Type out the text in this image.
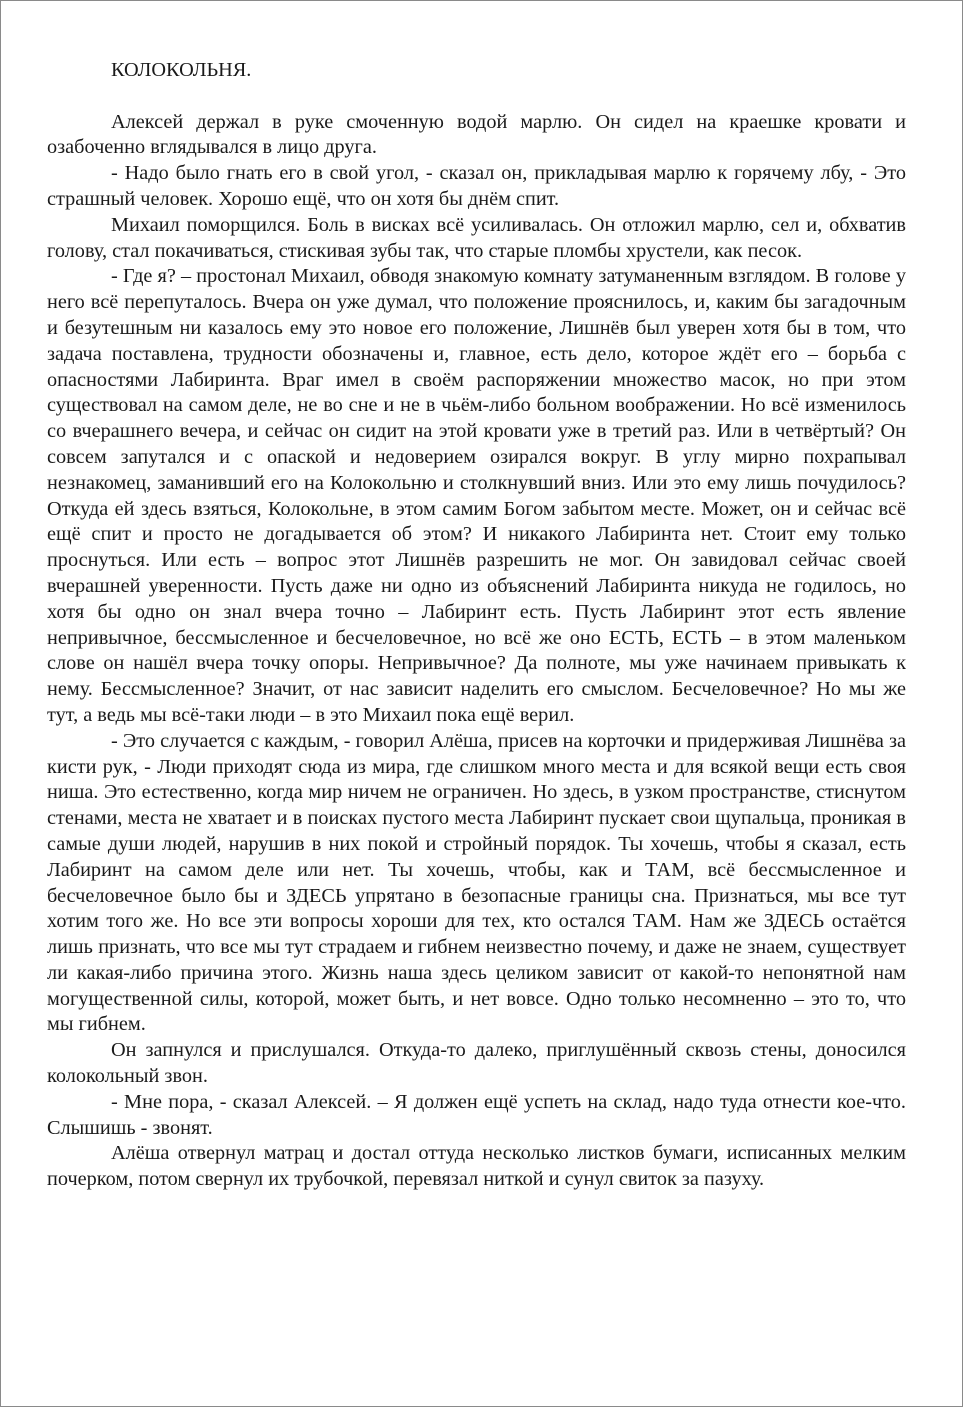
КОЛОКОЛЬНЯ.

Алексей держал в руке смоченную водой марлю. Он сидел на краешке кровати и озабоченно вглядывался в лицо друга.

- Надо было гнать его в свой угол, - сказал он, прикладывая марлю к горячему лбу, - Это страшный человек. Хорошо ещё, что он хотя бы днём спит.

Михаил поморщился. Боль в висках всё усиливалась. Он отложил марлю, сел и, обхватив голову, стал покачиваться, стискивая зубы так, что старые пломбы хрустели, как песок.

- Где я? – простонал Михаил, обводя знакомую комнату затуманенным взглядом. В голове у него всё перепуталось. Вчера он уже думал, что положение прояснилось, и, каким бы загадочным и безутешным ни казалось ему это новое его положение, Лишнёв был уверен хотя бы в том, что задача поставлена, трудности обозначены и, главное, есть дело, которое ждёт его – борьба с опасностями Лабиринта. Враг имел в своём распоряжении множество масок, но при этом существовал на самом деле, не во сне и не в чьём-либо больном воображении. Но всё изменилось со вчерашнего вечера, и сейчас он сидит на этой кровати уже в третий раз. Или в четвёртый? Он совсем запутался и с опаской и недоверием озирался вокруг. В углу мирно похрапывал незнакомец, заманивший его на Колокольню и столкнувший вниз. Или это ему лишь почудилось? Откуда ей здесь взяться, Колокольне, в этом самим Богом забытом месте. Может, он и сейчас всё ещё спит и просто не догадывается об этом? И никакого Лабиринта нет. Стоит ему только проснуться. Или есть – вопрос этот Лишнёв разрешить не мог. Он завидовал сейчас своей вчерашней уверенности. Пусть даже ни одно из объяснений Лабиринта никуда не годилось, но хотя бы одно он знал вчера точно – Лабиринт есть. Пусть Лабиринт этот есть явление непривычное, бессмысленное и бесчеловечное, но всё же оно ЕСТЬ, ЕСТЬ – в этом маленьком слове он нашёл вчера точку опоры. Непривычное? Да полноте, мы уже начинаем привыкать к нему. Бессмысленное? Значит, от нас зависит наделить его смыслом. Бесчеловечное? Но мы же тут, а ведь мы всё-таки люди – в это Михаил пока ещё верил.

- Это случается с каждым, - говорил Алёша, присев на корточки и придерживая Лишнёва за кисти рук, - Люди приходят сюда из мира, где слишком много места и для всякой вещи есть своя ниша. Это естественно, когда мир ничем не ограничен. Но здесь, в узком пространстве, стиснутом стенами, места не хватает и в поисках пустого места Лабиринт пускает свои щупальца, проникая в самые души людей, нарушив в них покой и стройный порядок. Ты хочешь, чтобы я сказал, есть Лабиринт на самом деле или нет. Ты хочешь, чтобы, как и ТАМ, всё бессмысленное и бесчеловечное было бы и ЗДЕСЬ упрятано в безопасные границы сна. Признаться, мы все тут хотим того же. Но все эти вопросы хороши для тех, кто остался ТАМ. Нам же ЗДЕСЬ остаётся лишь признать, что все мы тут страдаем и гибнем неизвестно почему, и даже не знаем, существует ли какая-либо причина этого. Жизнь наша здесь целиком зависит от какой-то непонятной нам могущественной силы, которой, может быть, и нет вовсе. Одно только несомненно – это то, что мы гибнем.

Он запнулся и прислушался. Откуда-то далеко, приглушённый сквозь стены, доносился колокольный звон.

- Мне пора, - сказал Алексей. – Я должен ещё успеть на склад, надо туда отнести кое-что. Слышишь - звонят.

Алёша отвернул матрац и достал оттуда несколько листков бумаги, исписанных мелким почерком, потом свернул их трубочкой, перевязал ниткой и сунул свиток за пазуху.
